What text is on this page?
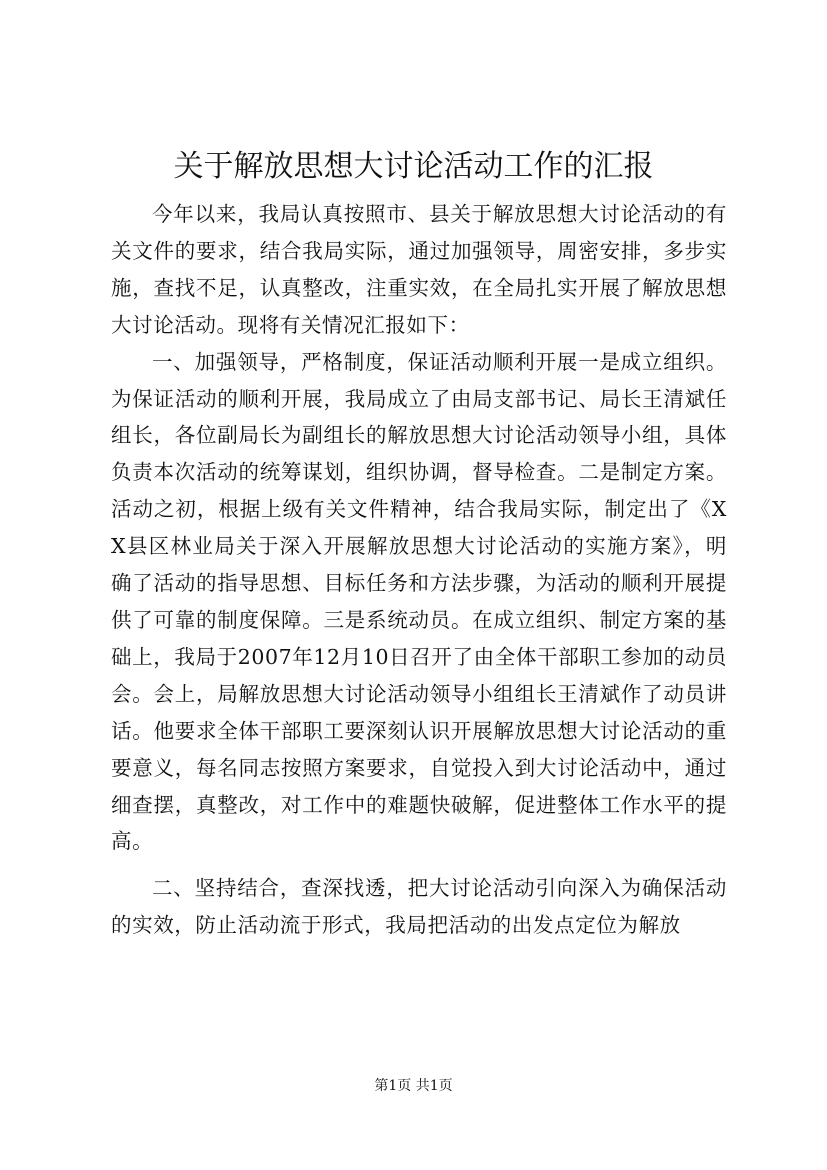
关于解放思想大讨论活动工作的汇报

今年以来，我局认真按照市、县关于解放思想大讨论活动的有关文件的要求，结合我局实际，通过加强领导，周密安排，多步实施，查找不足，认真整改，注重实效，在全局扎实开展了解放思想大讨论活动。现将有关情况汇报如下：

一、加强领导，严格制度，保证活动顺利开展一是成立组织。为保证活动的顺利开展，我局成立了由局支部书记、局长王清斌任组长，各位副局长为副组长的解放思想大讨论活动领导小组，具体负责本次活动的统筹谋划，组织协调，督导检查。二是制定方案。活动之初，根据上级有关文件精神，结合我局实际，制定出了《XX县区林业局关于深入开展解放思想大讨论活动的实施方案》，明确了活动的指导思想、目标任务和方法步骤，为活动的顺利开展提供了可靠的制度保障。三是系统动员。在成立组织、制定方案的基础上，我局于2007年12月10日召开了由全体干部职工参加的动员会。会上，局解放思想大讨论活动领导小组组长王清斌作了动员讲话。他要求全体干部职工要深刻认识开展解放思想大讨论活动的重要意义，每名同志按照方案要求，自觉投入到大讨论活动中，通过细查摆，真整改，对工作中的难题快破解，促进整体工作水平的提高。

二、坚持结合，查深找透，把大讨论活动引向深入为确保活动的实效，防止活动流于形式，我局把活动的出发点定位为解放

第1页 共1页
